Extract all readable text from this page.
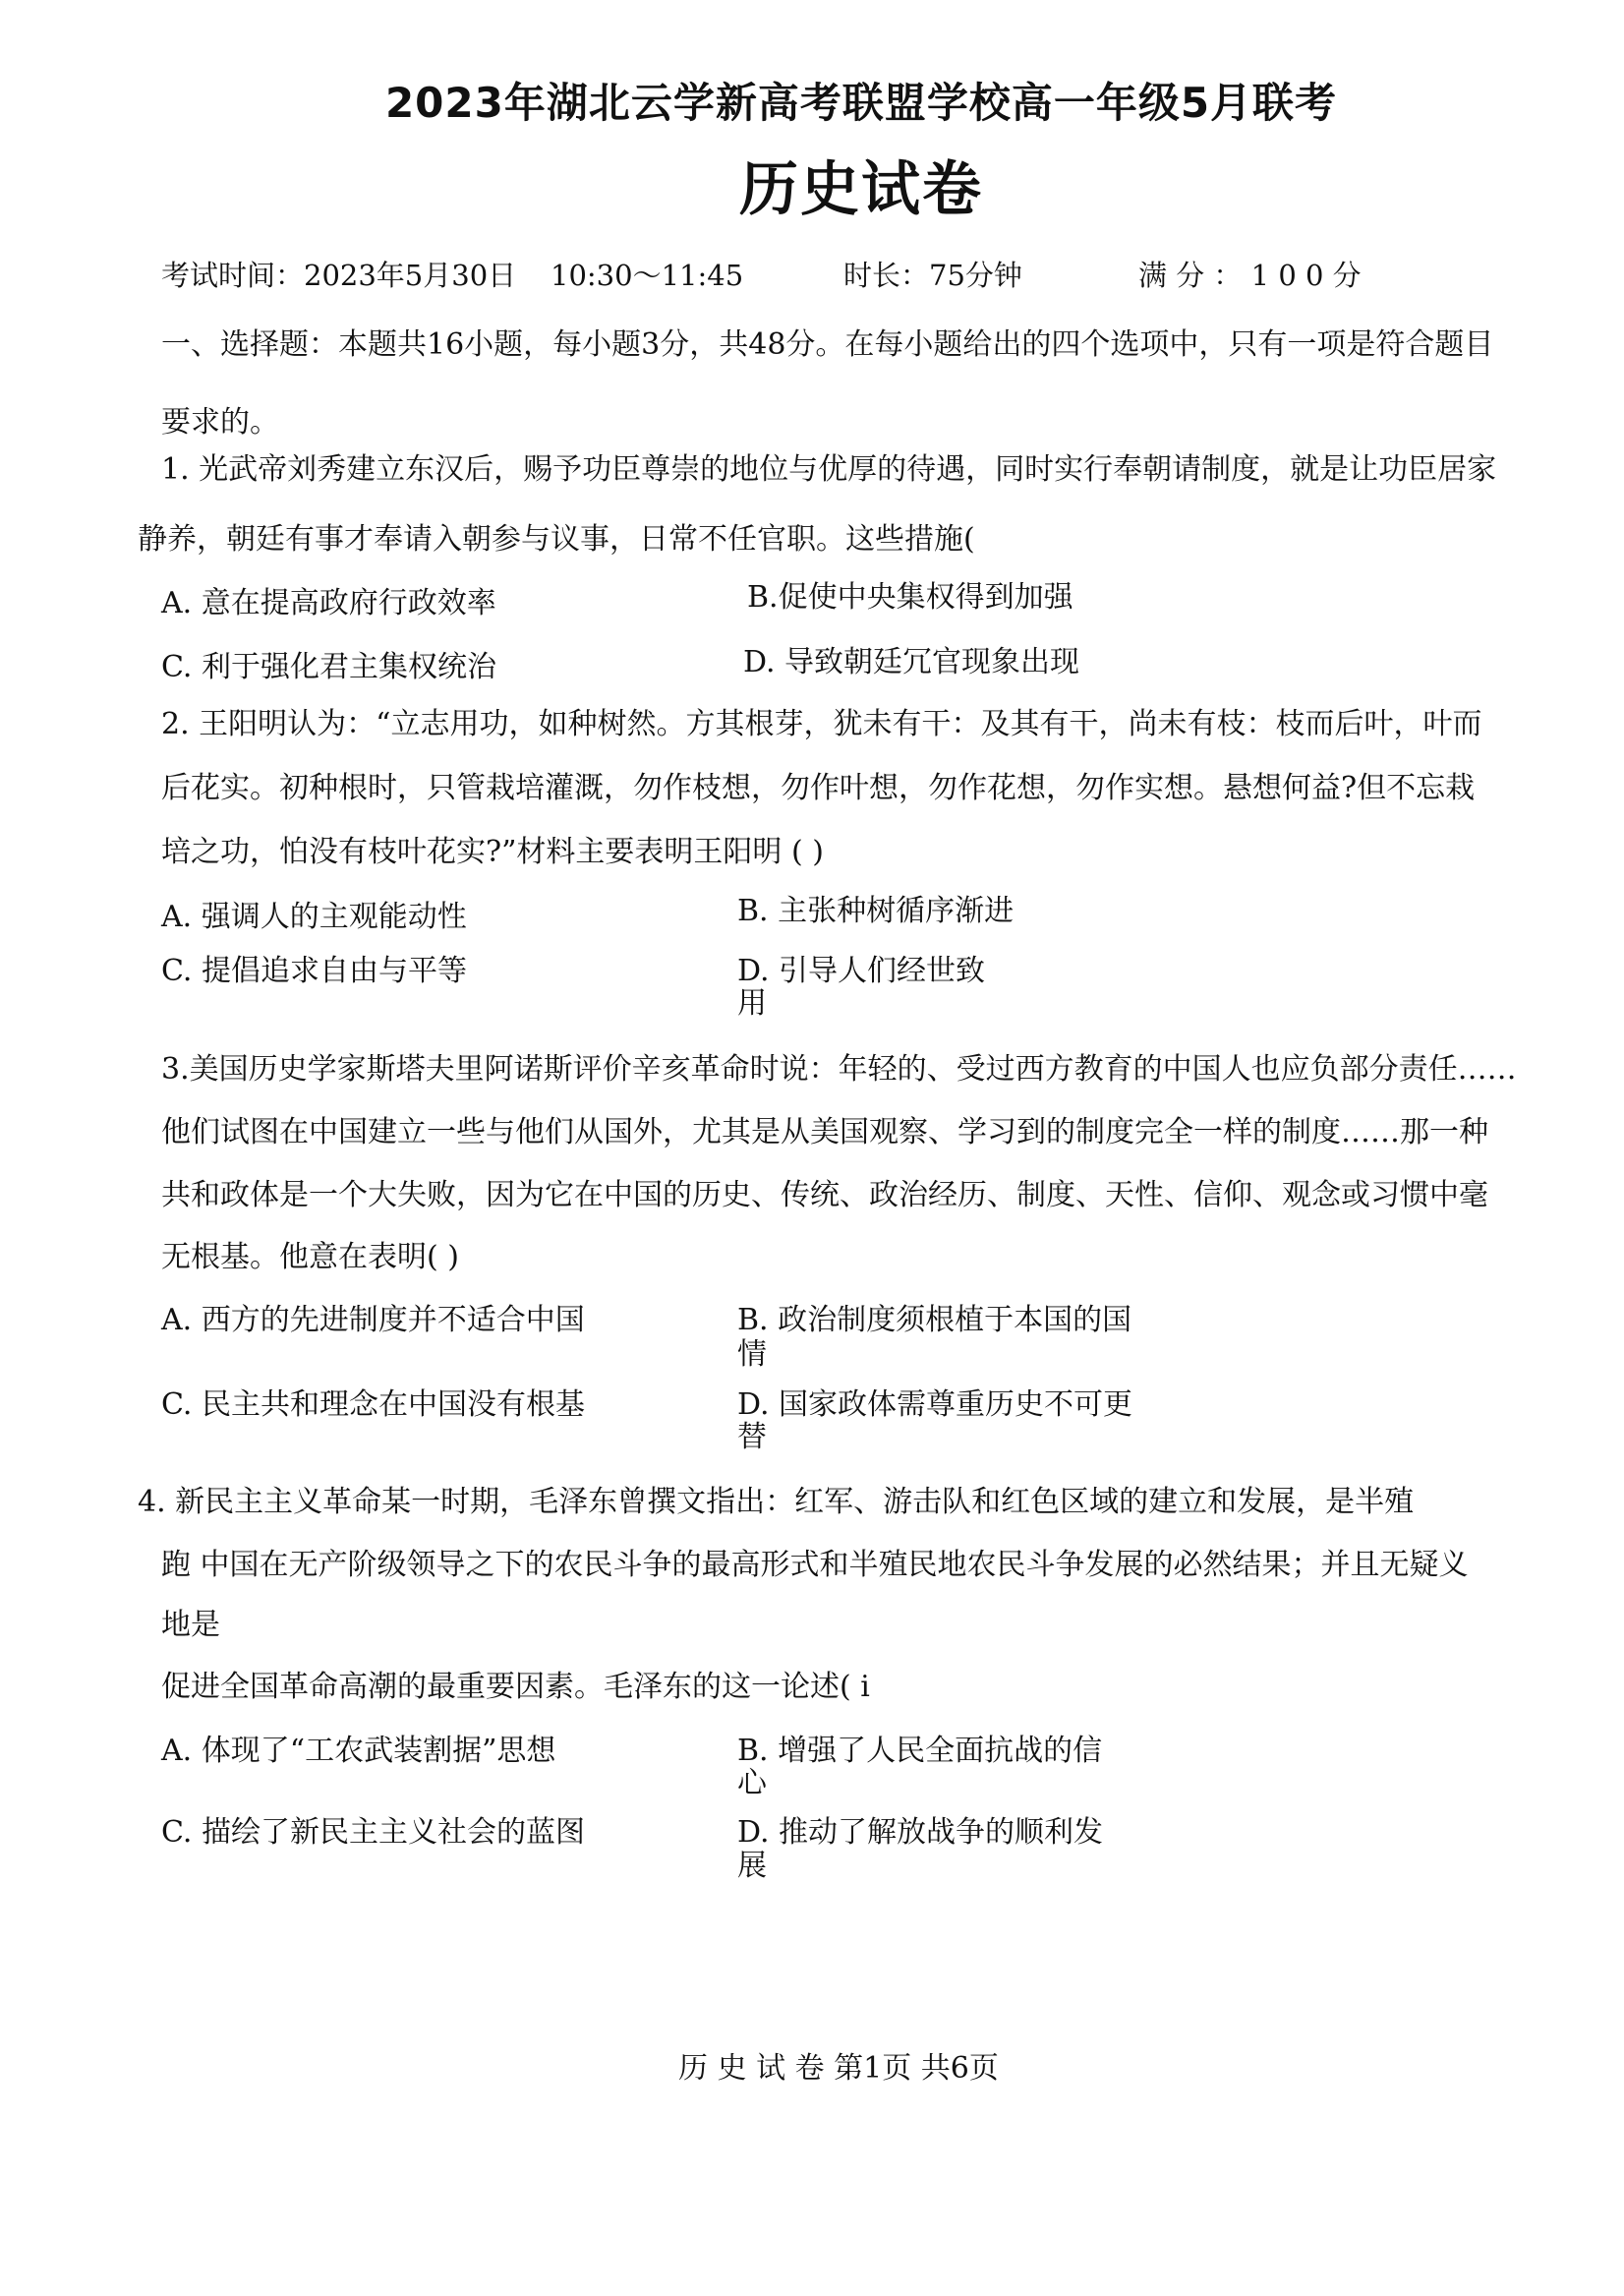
2023年湖北云学新高考联盟学校高一年级5月联考
历史试卷
考试时间：2023年5月30日 10:30～11:45	时长：75分钟	满 分 ： 1 0 0 分
一、选择题：本题共16小题，每小题3分，共48分。在每小题给出的四个选项中，只有一项是符合题目
要求的。
1. 光武帝刘秀建立东汉后，赐予功臣尊崇的地位与优厚的待遇，同时实行奉朝请制度，就是让功臣居家
静养，朝廷有事才奉请入朝参与议事，日常不任官职。这些措施(
A. 意在提高政府行政效率	B.促使中央集权得到加强
C. 利于强化君主集权统治	D. 导致朝廷冗官现象出现
2. 王阳明认为：“立志用功，如种树然。方其根芽，犹未有干：及其有干，尚未有枝：枝而后叶，叶而
后花实。初种根时，只管栽培灌溉，勿作枝想，勿作叶想，勿作花想，勿作实想。悬想何益?但不忘栽
培之功，怕没有枝叶花实?”材料主要表明王阳明 ( )
A. 强调人的主观能动性	B. 主张种树循序渐进
C. 提倡追求自由与平等	D. 引导人们经世致
用
3.美国历史学家斯塔夫里阿诺斯评价辛亥革命时说：年轻的、受过西方教育的中国人也应负部分责任……
他们试图在中国建立一些与他们从国外，尤其是从美国观察、学习到的制度完全一样的制度……那一种
共和政体是一个大失败，因为它在中国的历史、传统、政治经历、制度、天性、信仰、观念或习惯中毫
无根基。他意在表明( )
A. 西方的先进制度并不适合中国	B. 政治制度须根植于本国的国
情
C. 民主共和理念在中国没有根基	D. 国家政体需尊重历史不可更
替
4. 新民主主义革命某一时期，毛泽东曾撰文指出：红军、游击队和红色区域的建立和发展，是半殖
跑 中国在无产阶级领导之下的农民斗争的最高形式和半殖民地农民斗争发展的必然结果；并且无疑义
地是
促进全国革命高潮的最重要因素。毛泽东的这一论述( i
A. 体现了“工农武装割据”思想	B. 增强了人民全面抗战的信
心
C. 描绘了新民主主义社会的蓝图	D. 推动了解放战争的顺利发
展
历 史 试 卷 第1页 共6页
